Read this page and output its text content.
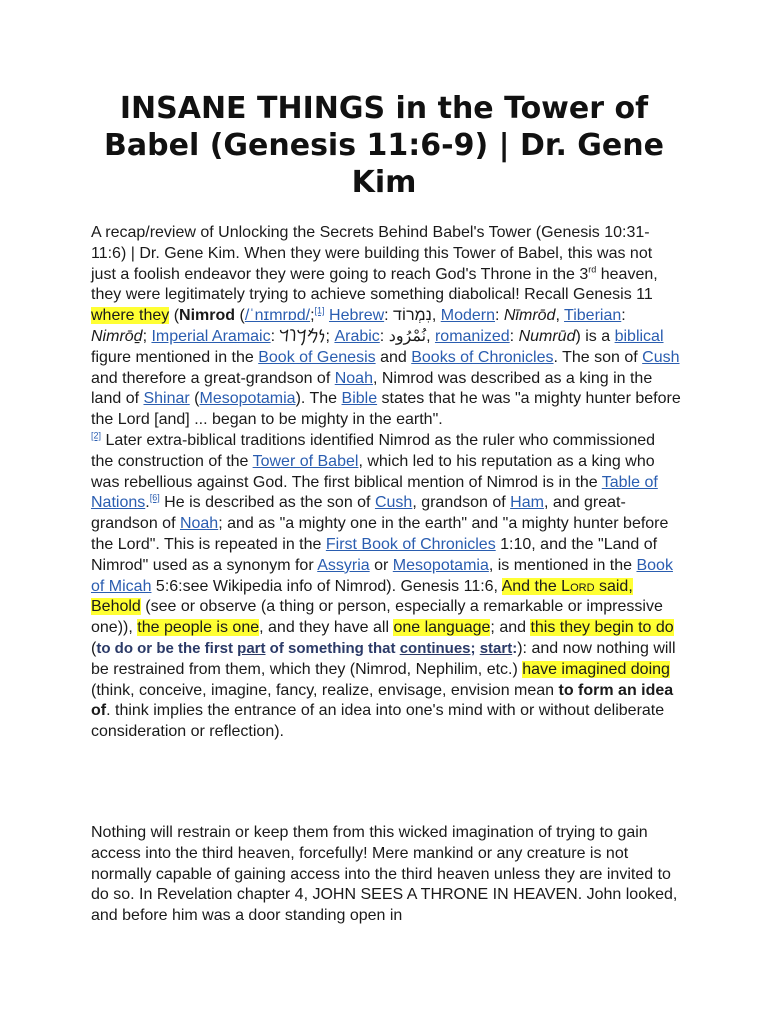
INSANE THINGS in the Tower of Babel (Genesis 11:6-9) | Dr. Gene Kim

A recap/review of Unlocking the Secrets Behind Babel's Tower (Genesis 10:31-11:6) | Dr. Gene Kim. When they were building this Tower of Babel, this was not just a foolish endeavor they were going to reach God's Throne in the 3rd heaven, they were legitimately trying to achieve something diabolical! Recall Genesis 11 where they (Nimrod (/ˈnɪmrɒd/;[1] Hebrew: נִמְרוֹד, Modern: Nīmrōd, Tiberian: Nimrōḏ; Imperial Aramaic: 𐡍𐡌𐡓𐡅𐡃; Arabic: نُمْرُود, romanized: Numrūd) is a biblical figure mentioned in the Book of Genesis and Books of Chronicles. The son of Cush and therefore a great-grandson of Noah, Nimrod was described as a king in the land of Shinar (Mesopotamia). The Bible states that he was "a mighty hunter before the Lord [and] ... began to be mighty in the earth".
[2] Later extra-biblical traditions identified Nimrod as the ruler who commissioned the construction of the Tower of Babel, which led to his reputation as a king who was rebellious against God. The first biblical mention of Nimrod is in the Table of Nations.[6] He is described as the son of Cush, grandson of Ham, and great-grandson of Noah; and as "a mighty one in the earth" and "a mighty hunter before the Lord". This is repeated in the First Book of Chronicles 1:10, and the "Land of Nimrod" used as a synonym for Assyria or Mesopotamia, is mentioned in the Book of Micah 5:6:see Wikipedia info of Nimrod). Genesis 11:6, And the Lord said, Behold (see or observe (a thing or person, especially a remarkable or impressive one)), the people is one, and they have all one language; and this they begin to do (to do or be the first part of something that continues; start:): and now nothing will be restrained from them, which they (Nimrod, Nephilim, etc.) have imagined doing (think, conceive, imagine, fancy, realize, envisage, envision mean to form an idea of. think implies the entrance of an idea into one's mind with or without deliberate consideration or reflection).

Nothing will restrain or keep them from this wicked imagination of trying to gain access into the third heaven, forcefully! Mere mankind or any creature is not normally capable of gaining access into the third heaven unless they are invited to do so. In Revelation chapter 4, JOHN SEES A THRONE IN HEAVEN. John looked, and before him was a door standing open in
